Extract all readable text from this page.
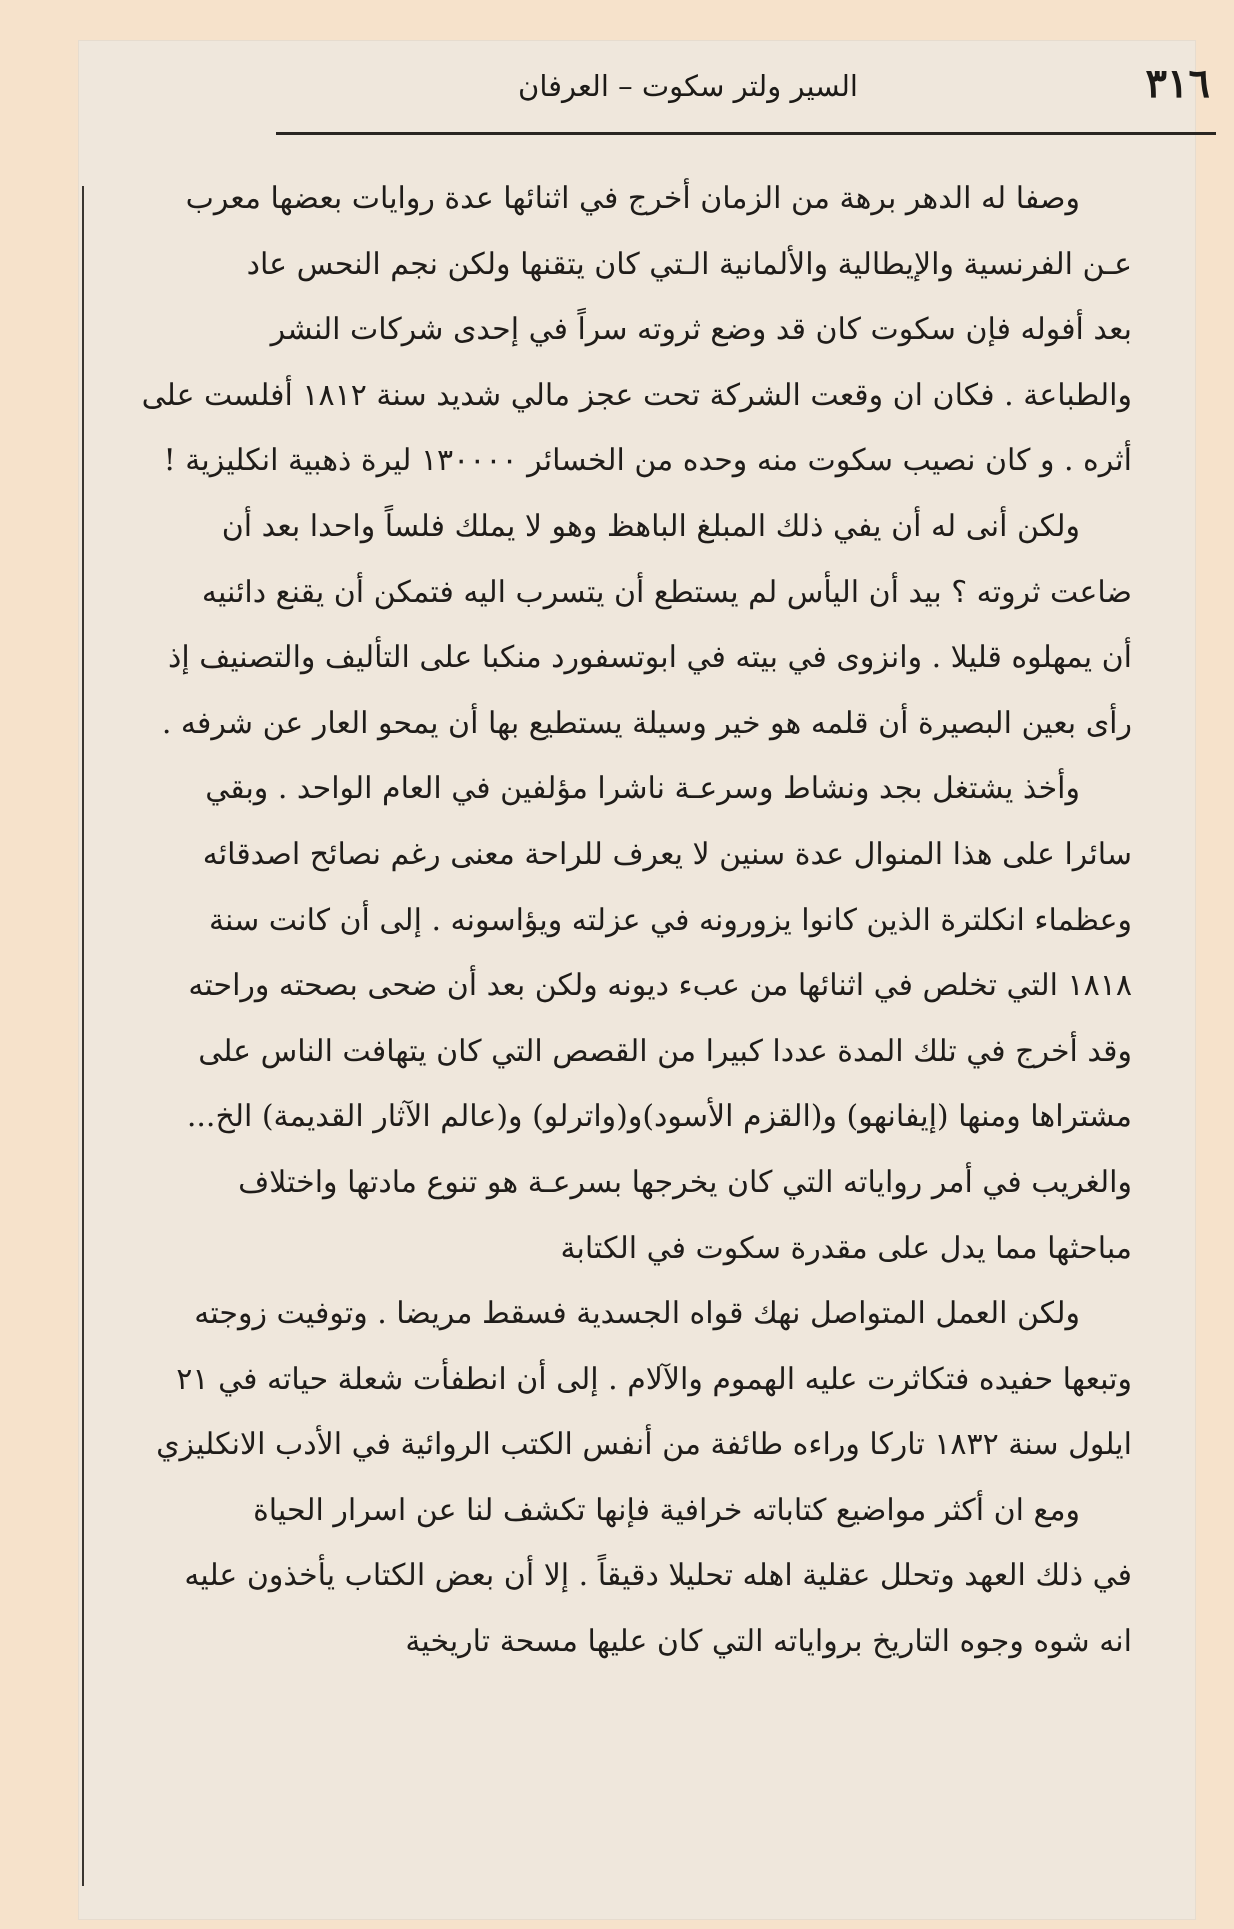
٣١٦
السير ولتر سكوت – العرفان
وصفا له الدهر برهة من الزمان أخرج في اثنائها عدة روايات بعضها معرب
عـن الفرنسية والإيطالية والألمانية الـتي كان يتقنها ولكن نجم النحس عاد
بعد أفوله فإن سكوت كان قد وضع ثروته سراً في إحدى شركات النشر
والطباعة . فكان ان وقعت الشركة تحت عجز مالي شديد سنة ١٨١٢ أفلست على
أثره . و كان نصيب سكوت منه وحده من الخسائر ١٣٠٠٠٠ ليرة ذهبية انكليزية !
ولكن أنى له أن يفي ذلك المبلغ الباهظ وهو لا يملك فلساً واحدا بعد أن
ضاعت ثروته ؟ بيد أن اليأس لم يستطع أن يتسرب اليه فتمكن أن يقنع دائنيه
أن يمهلوه قليلا . وانزوى في بيته في ابوتسفورد منكبا على التأليف والتصنيف إذ
رأى بعين البصيرة أن قلمه هو خير وسيلة يستطيع بها أن يمحو العار عن شرفه .
وأخذ يشتغل بجد ونشاط وسرعـة ناشرا مؤلفين في العام الواحد . وبقي
سائرا على هذا المنوال عدة سنين لا يعرف للراحة معنى رغم نصائح اصدقائه
وعظماء انكلترة الذين كانوا يزورونه في عزلته ويؤاسونه . إلى أن كانت سنة
١٨١٨ التي تخلص في اثنائها من عبء ديونه ولكن بعد أن ضحى بصحته وراحته
وقد أخرج في تلك المدة عددا كبيرا من القصص التي كان يتهافت الناس على
مشتراها ومنها (إيفانهو) و(القزم الأسود)و(واترلو) و(عالم الآثار القديمة) الخ...
والغريب في أمر رواياته التي كان يخرجها بسرعـة هو تنوع مادتها واختلاف
مباحثها مما يدل على مقدرة سكوت في الكتابة
ولكن العمل المتواصل نهك قواه الجسدية فسقط مريضا . وتوفيت زوجته
وتبعها حفيده فتكاثرت عليه الهموم والآلام . إلى أن انطفأت شعلة حياته في ٢١
ايلول سنة ١٨٣٢ تاركا وراءه طائفة من أنفس الكتب الروائية في الأدب الانكليزي
ومع ان أكثر مواضيع كتاباته خرافية فإنها تكشف لنا عن اسرار الحياة
في ذلك العهد وتحلل عقلية اهله تحليلا دقيقاً . إلا أن بعض الكتاب يأخذون عليه
انه شوه وجوه التاريخ برواياته التي كان عليها مسحة تاريخية
